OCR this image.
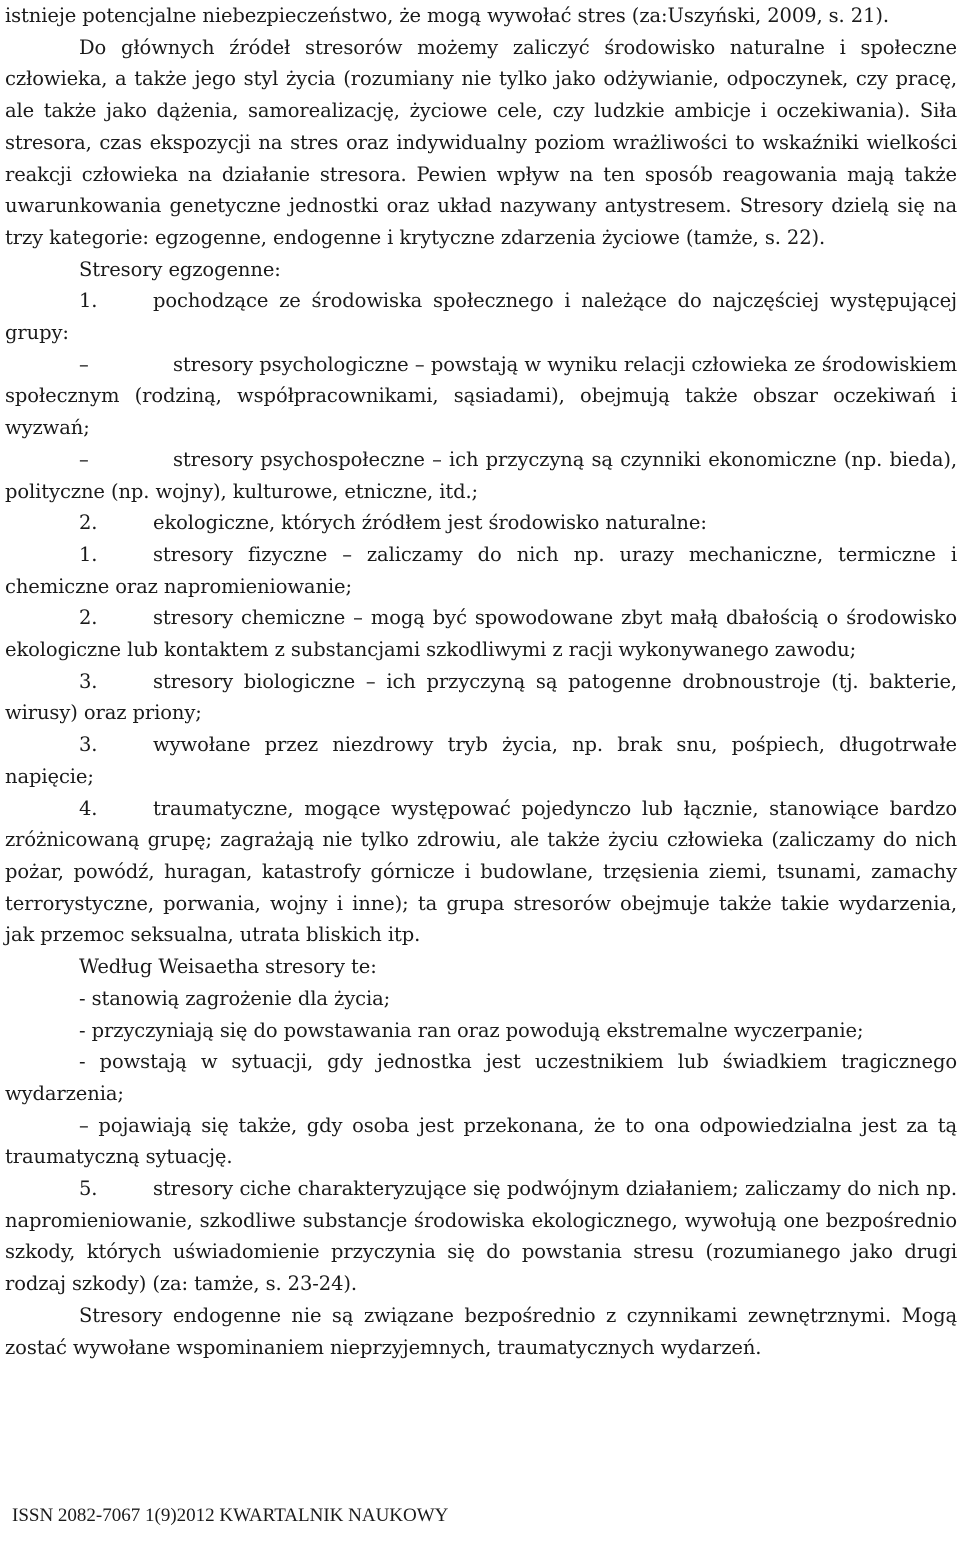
istnieje potencjalne niebezpieczeństwo, że mogą wywołać stres (za:Uszyński, 2009, s. 21).

Do głównych źródeł stresorów możemy zaliczyć środowisko naturalne i społeczne człowieka, a także jego styl życia (rozumiany nie tylko jako odżywianie, odpoczynek, czy pracę, ale także jako dążenia, samorealizację, życiowe cele, czy ludzkie ambicje i oczekiwania). Siła stresora, czas ekspozycji na stres oraz indywidualny poziom wrażliwości to wskaźniki wielkości reakcji człowieka na działanie stresora. Pewien wpływ na ten sposób reagowania mają także uwarunkowania genetyczne jednostki oraz układ nazywany antystresem. Stresory dzielą się na trzy kategorie: egzogenne, endogenne i krytyczne zdarzenia życiowe (tamże, s. 22).

Stresory egzogenne:

1.	pochodzące ze środowiska społecznego i należące do najczęściej występującej grupy:

–	stresory psychologiczne – powstają w wyniku relacji człowieka ze środowiskiem społecznym (rodziną, współpracownikami, sąsiadami), obejmują także obszar oczekiwań i wyzwań;

–	stresory psychospołeczne – ich przyczyną są czynniki ekonomiczne (np. bieda), polityczne (np. wojny), kulturowe, etniczne, itd.;

2.	ekologiczne, których źródłem jest środowisko naturalne:

1.	stresory fizyczne – zaliczamy do nich np. urazy mechaniczne, termiczne i chemiczne oraz napromieniowanie;

2.	stresory chemiczne – mogą być spowodowane zbyt małą dbałością o środowisko ekologiczne lub kontaktem z substancjami szkodliwymi z racji wykonywanego zawodu;

3.	stresory biologiczne – ich przyczyną są patogenne drobnoustroje (tj. bakterie, wirusy) oraz priony;

3.	wywołane przez niezdrowy tryb życia, np. brak snu, pośpiech, długotrwałe napięcie;

4.	traumatyczne, mogące występować pojedynczo lub łącznie, stanowiące bardzo zróżnicowaną grupę; zagrażają nie tylko zdrowiu, ale także życiu człowieka (zaliczamy do nich pożar, powódź, huragan, katastrofy górnicze i budowlane, trzęsienia ziemi, tsunami, zamachy terrorystyczne, porwania, wojny i inne); ta grupa stresorów obejmuje także takie wydarzenia, jak przemoc seksualna, utrata bliskich itp.

Według Weisaetha stresory te:

- stanowią zagrożenie dla życia;

- przyczyniają się do powstawania ran oraz powodują ekstremalne wyczerpanie;

- powstają w sytuacji, gdy jednostka jest uczestnikiem lub świadkiem tragicznego wydarzenia;

– pojawiają się także, gdy osoba jest przekonana, że to ona odpowiedzialna jest za tą traumatyczną sytuację.

5.	stresory ciche charakteryzujące się podwójnym działaniem; zaliczamy do nich np. napromieniowanie, szkodliwe substancje środowiska ekologicznego, wywołują one bezpośrednio szkody, których uświadomienie przyczynia się do powstania stresu (rozumianego jako drugi rodzaj szkody) (za: tamże, s. 23-24).

Stresory endogenne nie są związane bezpośrednio z czynnikami zewnętrznymi. Mogą zostać wywołane wspominaniem nieprzyjemnych, traumatycznych wydarzeń.

ISSN 2082-7067 1(9)2012 KWARTALNIK NAUKOWY
